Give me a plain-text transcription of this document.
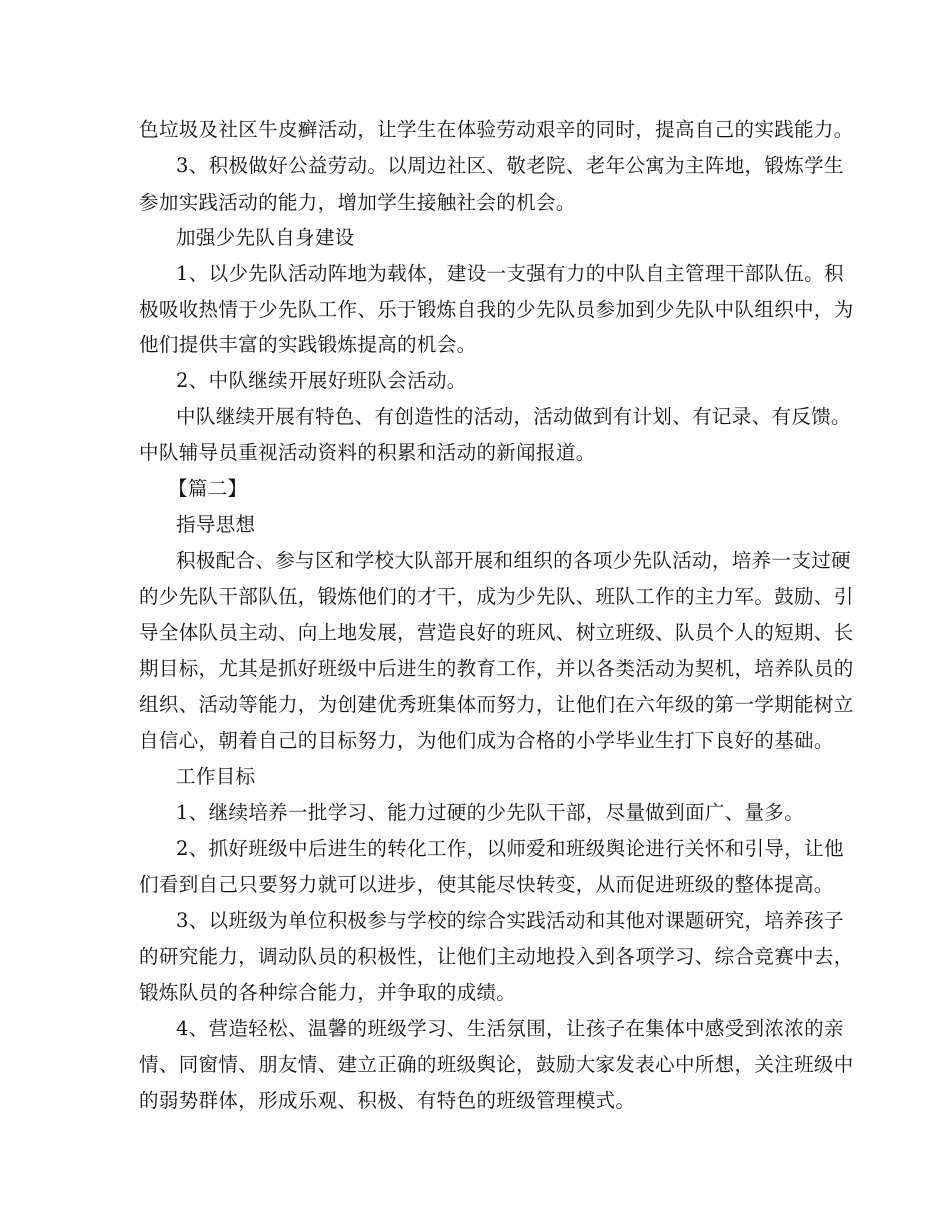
色垃圾及社区牛皮癣活动，让学生在体验劳动艰辛的同时，提高自己的实践能力。
3、积极做好公益劳动。以周边社区、敬老院、老年公寓为主阵地，锻炼学生
参加实践活动的能力，增加学生接触社会的机会。
加强少先队自身建设
1、以少先队活动阵地为载体，建设一支强有力的中队自主管理干部队伍。积
极吸收热情于少先队工作、乐于锻炼自我的少先队员参加到少先队中队组织中，为
他们提供丰富的实践锻炼提高的机会。
2、中队继续开展好班队会活动。
中队继续开展有特色、有创造性的活动，活动做到有计划、有记录、有反馈。
中队辅导员重视活动资料的积累和活动的新闻报道。
【篇二】
指导思想
积极配合、参与区和学校大队部开展和组织的各项少先队活动，培养一支过硬
的少先队干部队伍，锻炼他们的才干，成为少先队、班队工作的主力军。鼓励、引
导全体队员主动、向上地发展，营造良好的班风、树立班级、队员个人的短期、长
期目标，尤其是抓好班级中后进生的教育工作，并以各类活动为契机，培养队员的
组织、活动等能力，为创建优秀班集体而努力，让他们在六年级的第一学期能树立
自信心，朝着自己的目标努力，为他们成为合格的小学毕业生打下良好的基础。
工作目标
1、继续培养一批学习、能力过硬的少先队干部，尽量做到面广、量多。
2、抓好班级中后进生的转化工作，以师爱和班级舆论进行关怀和引导，让他
们看到自己只要努力就可以进步，使其能尽快转变，从而促进班级的整体提高。
3、以班级为单位积极参与学校的综合实践活动和其他对课题研究，培养孩子
的研究能力，调动队员的积极性，让他们主动地投入到各项学习、综合竞赛中去，
锻炼队员的各种综合能力，并争取的成绩。
4、营造轻松、温馨的班级学习、生活氛围，让孩子在集体中感受到浓浓的亲
情、同窗情、朋友情、建立正确的班级舆论，鼓励大家发表心中所想，关注班级中
的弱势群体，形成乐观、积极、有特色的班级管理模式。
